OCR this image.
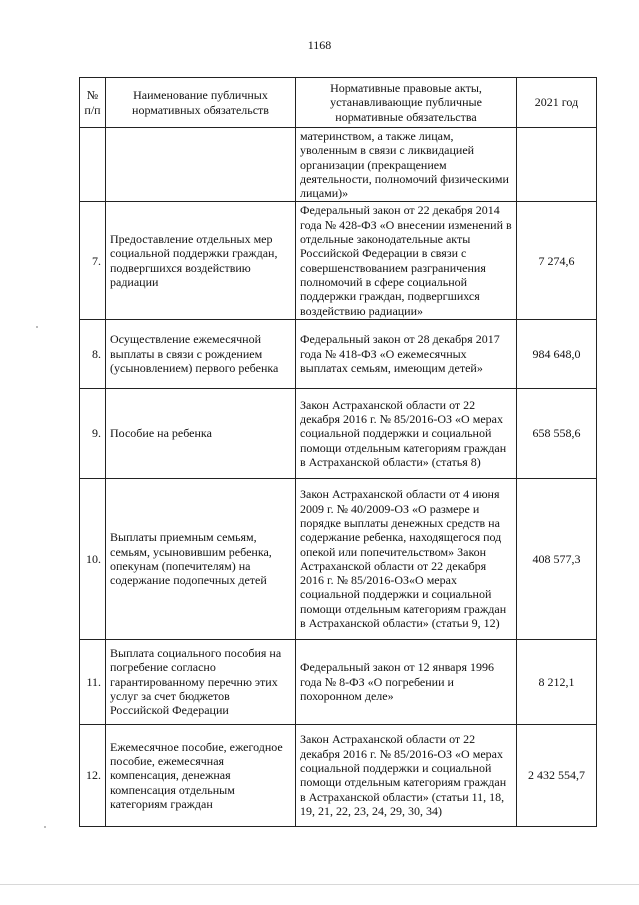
1168
№ п/п	Наименование публичных нормативных обязательств	Нормативные правовые акты, устанавливающие публичные нормативные обязательства	2021 год
		материнством, а также лицам, уволенным в связи с ликвидацией организации (прекращением деятельности, полномочий физическими лицами)»	
7.	Предоставление отдельных мер социальной поддержки граждан, подвергшихся воздействию радиации	Федеральный закон от 22 декабря 2014 года № 428-ФЗ «О внесении изменений в отдельные законодательные акты Российской Федерации в связи с совершенствованием разграничения полномочий в сфере социальной поддержки граждан, подвергшихся воздействию радиации»	7 274,6
8.	Осуществление ежемесячной выплаты в связи с рождением (усыновлением) первого ребенка	Федеральный закон от 28 декабря 2017 года № 418-ФЗ «О ежемесячных выплатах семьям, имеющим детей»	984 648,0
9.	Пособие на ребенка	Закон Астраханской области от 22 декабря 2016 г. № 85/2016-ОЗ «О мерах социальной поддержки и социальной помощи отдельным категориям граждан в Астраханской области» (статья 8)	658 558,6
10.	Выплаты приемным семьям, семьям, усыновившим ребенка, опекунам (попечителям) на содержание подопечных детей	Закон Астраханской области от 4 июня 2009 г. № 40/2009-ОЗ «О размере и порядке выплаты денежных средств на содержание ребенка, находящегося под опекой или попечительством» Закон Астраханской области от 22 декабря 2016 г. № 85/2016-ОЗ«О мерах социальной поддержки и социальной помощи отдельным категориям граждан в Астраханской области» (статьи 9, 12)	408 577,3
11.	Выплата социального пособия на погребение согласно гарантированному перечню этих услуг за счет бюджетов Российской Федерации	Федеральный закон от 12 января 1996 года № 8-ФЗ «О погребении и похоронном деле»	8 212,1
12.	Ежемесячное пособие, ежегодное пособие, ежемесячная компенсация, денежная компенсация отдельным категориям граждан	Закон Астраханской области от 22 декабря 2016 г. № 85/2016-ОЗ «О мерах социальной поддержки и социальной помощи отдельным категориям граждан в Астраханской области» (статьи 11, 18, 19, 21, 22, 23, 24, 29, 30, 34)	2 432 554,7
